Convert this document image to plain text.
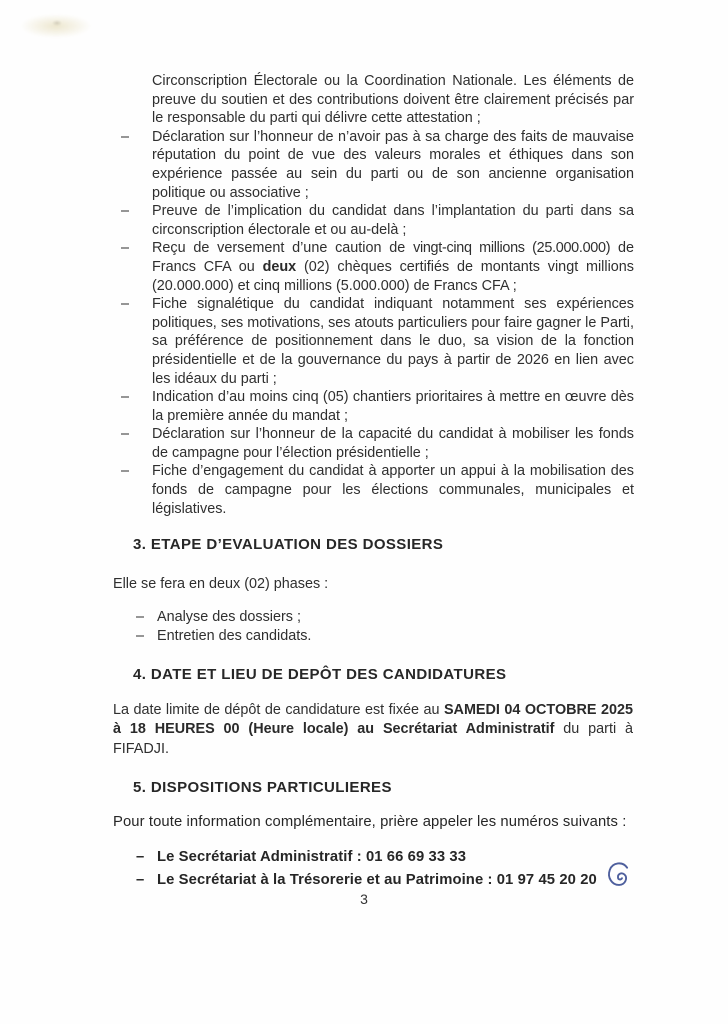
Circonscription Électorale ou la Coordination Nationale. Les éléments de preuve du soutien et des contributions doivent être clairement précisés par le responsable du parti qui délivre cette attestation ;
– Déclaration sur l’honneur de n’avoir pas à sa charge des faits de mauvaise réputation du point de vue des valeurs morales et éthiques dans son expérience passée au sein du parti ou de son ancienne organisation politique ou associative ;
– Preuve de l’implication du candidat dans l’implantation du parti dans sa circonscription électorale et ou au-delà ;
– Reçu de versement d’une caution de vingt-cinq millions (25.000.000) de Francs CFA ou deux (02) chèques certifiés de montants vingt millions (20.000.000) et cinq millions (5.000.000) de Francs CFA ;
– Fiche signalétique du candidat indiquant notamment ses expériences politiques, ses motivations, ses atouts particuliers pour faire gagner le Parti, sa préférence de positionnement dans le duo, sa vision de la fonction présidentielle et de la gouvernance du pays à partir de 2026 en lien avec les idéaux du parti ;
– Indication d’au moins cinq (05) chantiers prioritaires à mettre en œuvre dès la première année du mandat ;
– Déclaration sur l’honneur de la capacité du candidat à mobiliser les fonds de campagne pour l’élection présidentielle ;
– Fiche d’engagement du candidat à apporter un appui à la mobilisation des fonds de campagne pour les élections communales, municipales et législatives.
3. ETAPE D’EVALUATION DES DOSSIERS

Elle se fera en deux (02) phases :

– Analyse des dossiers ;
– Entretien des candidats.
4. DATE ET LIEU DE DEPÔT DES CANDIDATURES

La date limite de dépôt de candidature est fixée au SAMEDI 04 OCTOBRE 2025 à 18 HEURES 00 (Heure locale) au Secrétariat Administratif du parti à FIFADJI.

5. DISPOSITIONS PARTICULIERES

Pour toute information complémentaire, prière appeler les numéros suivants :

– Le Secrétariat Administratif : 01 66 69 33 33
– Le Secrétariat à la Trésorerie et au Patrimoine : 01 97 45 20 20
3
